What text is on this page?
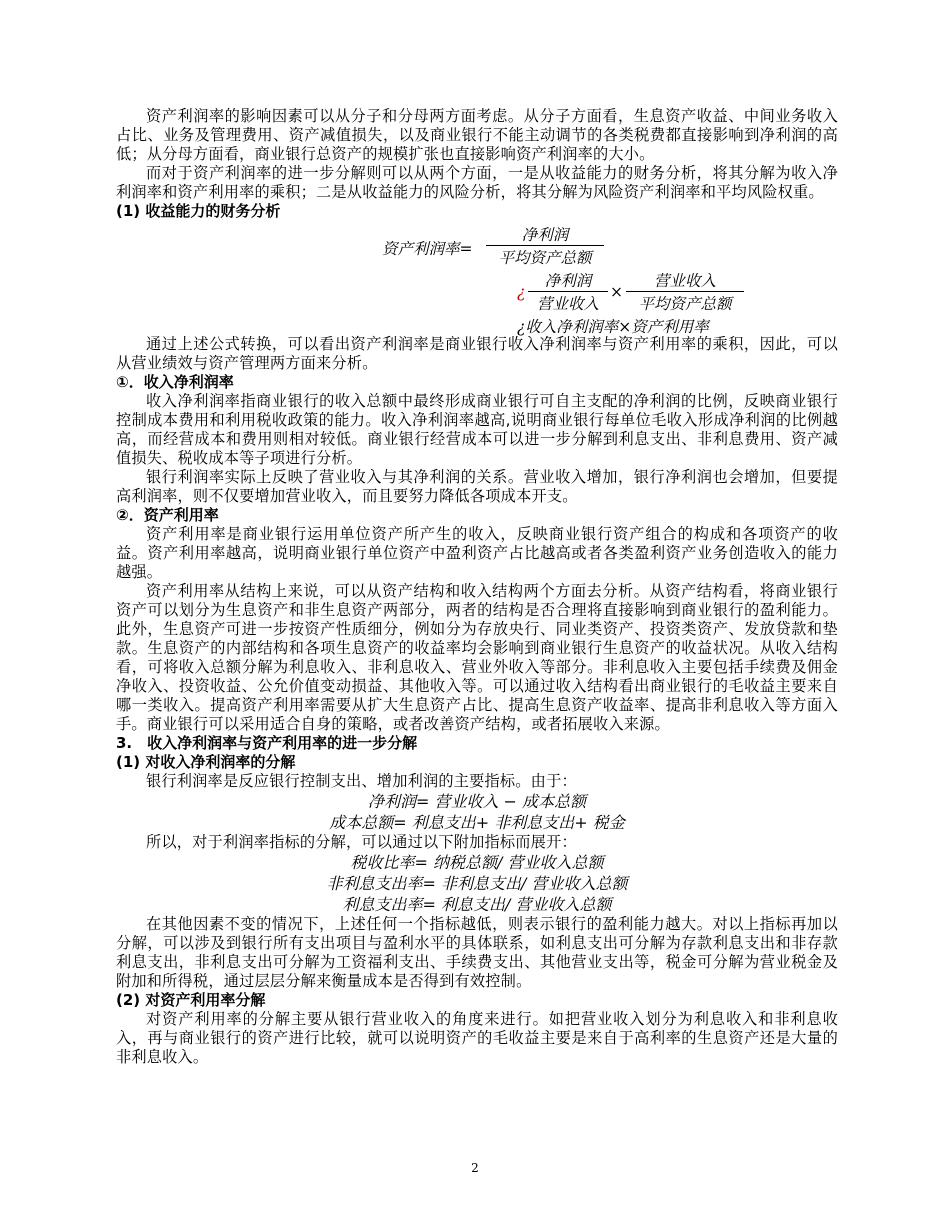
资产利润率的影响因素可以从分子和分母两方面考虑。从分子方面看，生息资产收益、中间业务收入占比、业务及管理费用、资产减值损失，以及商业银行不能主动调节的各类税费都直接影响到净利润的高低；从分母方面看，商业银行总资产的规模扩张也直接影响资产利润率的大小。

而对于资产利润率的进一步分解则可以从两个方面，一是从收益能力的财务分析，将其分解为收入净利润率和资产利用率的乘积；二是从收益能力的风险分析，将其分解为风险资产利润率和平均风险权重。

(1) 收益能力的财务分析

资产利润率=
净利润
平均资产总额
¿
净利润
营业收入
×
营业收入
平均资产总额
¿收入净利润率×资产利用率

通过上述公式转换，可以看出资产利润率是商业银行收入净利润率与资产利用率的乘积，因此，可以从营业绩效与资产管理两方面来分析。

①．收入净利润率

收入净利润率指商业银行的收入总额中最终形成商业银行可自主支配的净利润的比例，反映商业银行控制成本费用和利用税收政策的能力。收入净利润率越高,说明商业银行每单位毛收入形成净利润的比例越高，而经营成本和费用则相对较低。商业银行经营成本可以进一步分解到利息支出、非利息费用、资产减值损失、税收成本等子项进行分析。

银行利润率实际上反映了营业收入与其净利润的关系。营业收入增加，银行净利润也会增加，但要提高利润率，则不仅要增加营业收入，而且要努力降低各项成本开支。

②．资产利用率

资产利用率是商业银行运用单位资产所产生的收入，反映商业银行资产组合的构成和各项资产的收益。资产利用率越高，说明商业银行单位资产中盈利资产占比越高或者各类盈利资产业务创造收入的能力越强。

资产利用率从结构上来说，可以从资产结构和收入结构两个方面去分析。从资产结构看，将商业银行资产可以划分为生息资产和非生息资产两部分，两者的结构是否合理将直接影响到商业银行的盈利能力。此外，生息资产可进一步按资产性质细分，例如分为存放央行、同业类资产、投资类资产、发放贷款和垫款。生息资产的内部结构和各项生息资产的收益率均会影响到商业银行生息资产的收益状况。从收入结构看，可将收入总额分解为利息收入、非利息收入、营业外收入等部分。非利息收入主要包括手续费及佣金净收入、投资收益、公允价值变动损益、其他收入等。可以通过收入结构看出商业银行的毛收益主要来自哪一类收入。提高资产利用率需要从扩大生息资产占比、提高生息资产收益率、提高非利息收入等方面入手。商业银行可以采用适合自身的策略，或者改善资产结构，或者拓展收入来源。

3.　收入净利润率与资产利用率的进一步分解

(1) 对收入净利润率的分解

银行利润率是反应银行控制支出、增加利润的主要指标。由于：

净利润= 营业收入 − 成本总额

成本总额= 利息支出+ 非利息支出+ 税金

所以，对于利润率指标的分解，可以通过以下附加指标而展开：

税收比率= 纳税总额/ 营业收入总额

非利息支出率= 非利息支出/ 营业收入总额

利息支出率= 利息支出/ 营业收入总额

在其他因素不变的情况下，上述任何一个指标越低，则表示银行的盈利能力越大。对以上指标再加以分解，可以涉及到银行所有支出项目与盈利水平的具体联系，如利息支出可分解为存款利息支出和非存款利息支出，非利息支出可分解为工资福利支出、手续费支出、其他营业支出等，税金可分解为营业税金及附加和所得税，通过层层分解来衡量成本是否得到有效控制。

(2) 对资产利用率分解

对资产利用率的分解主要从银行营业收入的角度来进行。如把营业收入划分为利息收入和非利息收入，再与商业银行的资产进行比较，就可以说明资产的毛收益主要是来自于高利率的生息资产还是大量的非利息收入。

2
